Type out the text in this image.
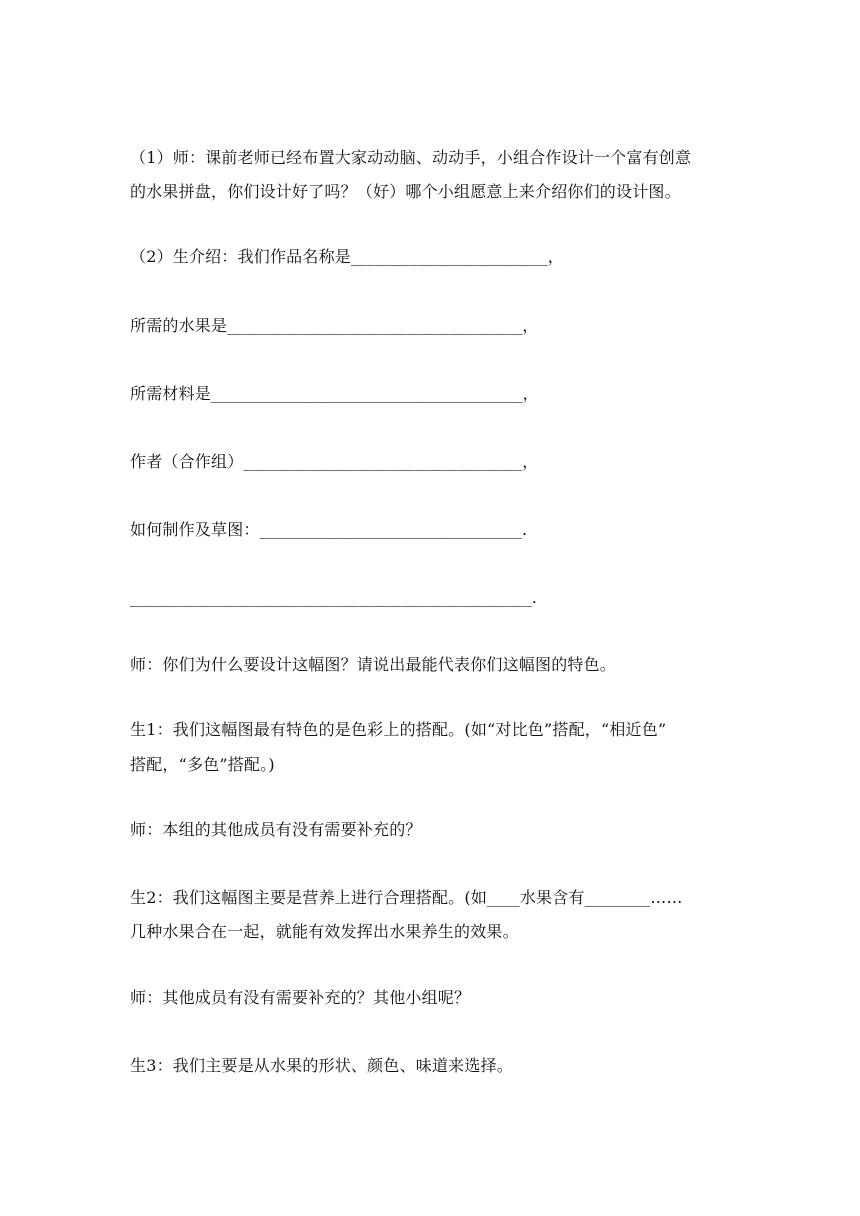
（1）师：课前老师已经布置大家动动脑、动动手，小组合作设计一个富有创意
的水果拼盘，你们设计好了吗？（好）哪个小组愿意上来介绍你们的设计图。
（2）生介绍：我们作品名称是________________________，
所需的水果是____________________________________，
所需材料是______________________________________，
作者（合作组）__________________________________，
如何制作及草图：________________________________.
_________________________________________________.
师：你们为什么要设计这幅图？请说出最能代表你们这幅图的特色。
生1：我们这幅图最有特色的是色彩上的搭配。(如“对比色”搭配，“相近色”
搭配，“多色”搭配。)
师：本组的其他成员有没有需要补充的？
生2：我们这幅图主要是营养上进行合理搭配。(如____水果含有________……
几种水果合在一起，就能有效发挥出水果养生的效果。
师：其他成员有没有需要补充的？其他小组呢？
生3：我们主要是从水果的形状、颜色、味道来选择。
